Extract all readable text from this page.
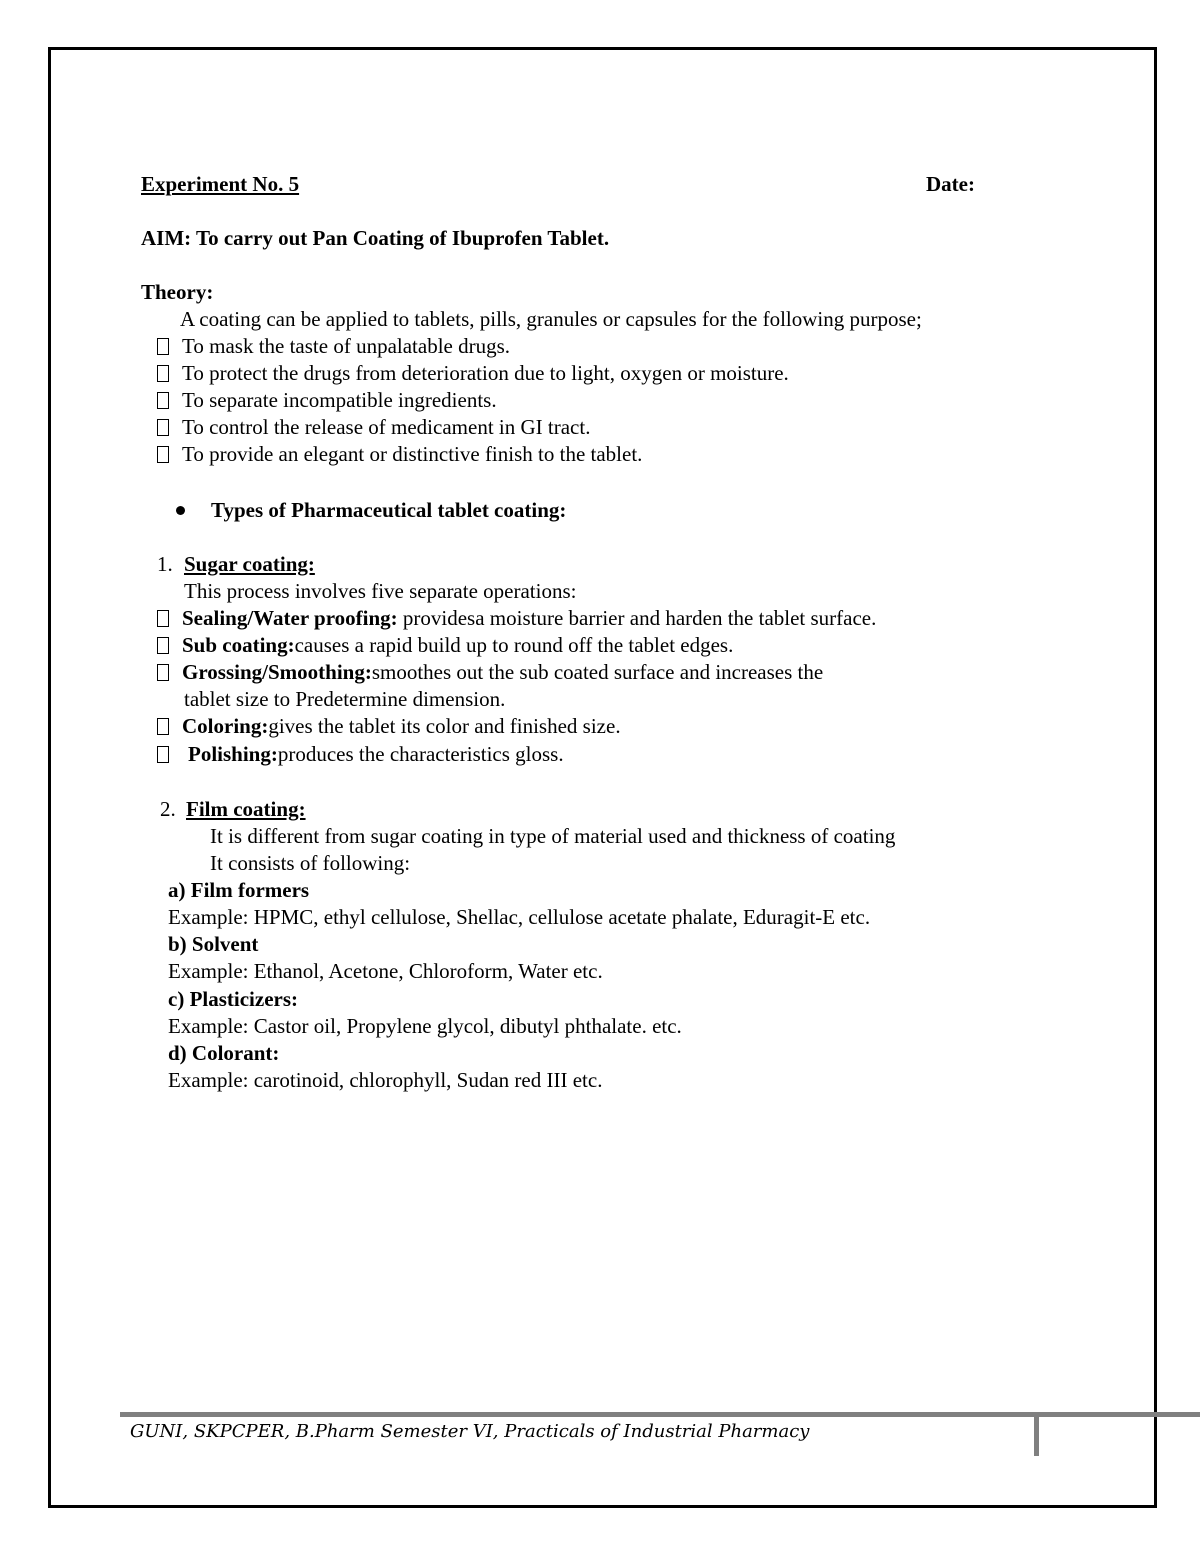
Experiment No. 5	Date:
AIM: To carry out Pan Coating of Ibuprofen Tablet.
Theory:
A coating can be applied to tablets, pills, granules or capsules for the following purpose;
To mask the taste of unpalatable drugs.
To protect the drugs from deterioration due to light, oxygen or moisture.
To separate incompatible ingredients.
To control the release of medicament in GI tract.
To provide an elegant or distinctive finish to the tablet.
Types of Pharmaceutical tablet coating:
1. Sugar coating:
This process involves five separate operations:
Sealing/Water proofing: providesa moisture barrier and harden the tablet surface.
Sub coating:causes a rapid build up to round off the tablet edges.
Grossing/Smoothing:smoothes out the sub coated surface and increases the
tablet size to Predetermine dimension.
Coloring:gives the tablet its color and finished size.
Polishing:produces the characteristics gloss.
2. Film coating:
It is different from sugar coating in type of material used and thickness of coating
It consists of following:
a) Film formers
Example: HPMC, ethyl cellulose, Shellac, cellulose acetate phalate, Eduragit-E etc.
b) Solvent
Example: Ethanol, Acetone, Chloroform, Water etc.
c) Plasticizers:
Example: Castor oil, Propylene glycol, dibutyl phthalate. etc.
d) Colorant:
Example: carotinoid, chlorophyll, Sudan red III etc.
GUNI, SKPCPER, B.Pharm Semester VI, Practicals of Industrial Pharmacy
